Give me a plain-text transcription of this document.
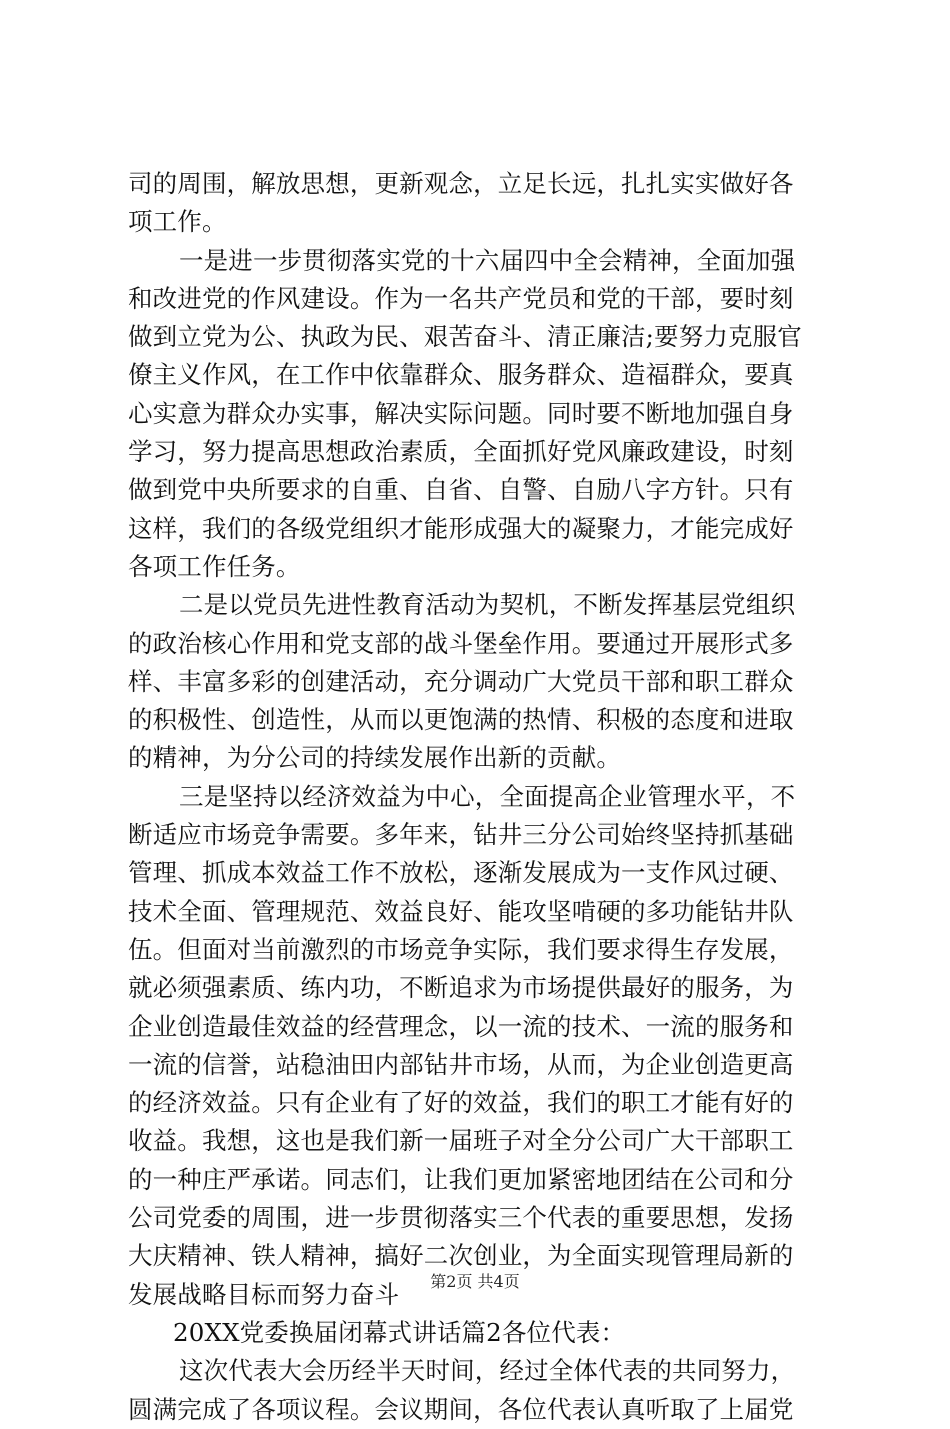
司的周围，解放思想，更新观念，立足长远，扎扎实实做好各
项工作。
一是进一步贯彻落实党的十六届四中全会精神，全面加强
和改进党的作风建设。作为一名共产党员和党的干部，要时刻
做到立党为公、执政为民、艰苦奋斗、清正廉洁;要努力克服官
僚主义作风，在工作中依靠群众、服务群众、造福群众，要真
心实意为群众办实事，解决实际问题。同时要不断地加强自身
学习，努力提高思想政治素质，全面抓好党风廉政建设，时刻
做到党中央所要求的自重、自省、自警、自励八字方针。只有
这样，我们的各级党组织才能形成强大的凝聚力，才能完成好
各项工作任务。
二是以党员先进性教育活动为契机，不断发挥基层党组织
的政治核心作用和党支部的战斗堡垒作用。要通过开展形式多
样、丰富多彩的创建活动，充分调动广大党员干部和职工群众
的积极性、创造性，从而以更饱满的热情、积极的态度和进取
的精神，为分公司的持续发展作出新的贡献。
三是坚持以经济效益为中心，全面提高企业管理水平，不
断适应市场竞争需要。多年来，钻井三分公司始终坚持抓基础
管理、抓成本效益工作不放松，逐渐发展成为一支作风过硬、
技术全面、管理规范、效益良好、能攻坚啃硬的多功能钻井队
伍。但面对当前激烈的市场竞争实际，我们要求得生存发展，
就必须强素质、练内功，不断追求为市场提供最好的服务，为
企业创造最佳效益的经营理念，以一流的技术、一流的服务和
一流的信誉，站稳油田内部钻井市场，从而，为企业创造更高
的经济效益。只有企业有了好的效益，我们的职工才能有好的
收益。我想，这也是我们新一届班子对全分公司广大干部职工
的一种庄严承诺。同志们，让我们更加紧密地团结在公司和分
公司党委的周围，进一步贯彻落实三个代表的重要思想，发扬
大庆精神、铁人精神，搞好二次创业，为全面实现管理局新的
发展战略目标而努力奋斗
20XX党委换届闭幕式讲话篇2各位代表：
这次代表大会历经半天时间，经过全体代表的共同努力，
圆满完成了各项议程。会议期间，各位代表认真听取了上届党
第2页 共4页
